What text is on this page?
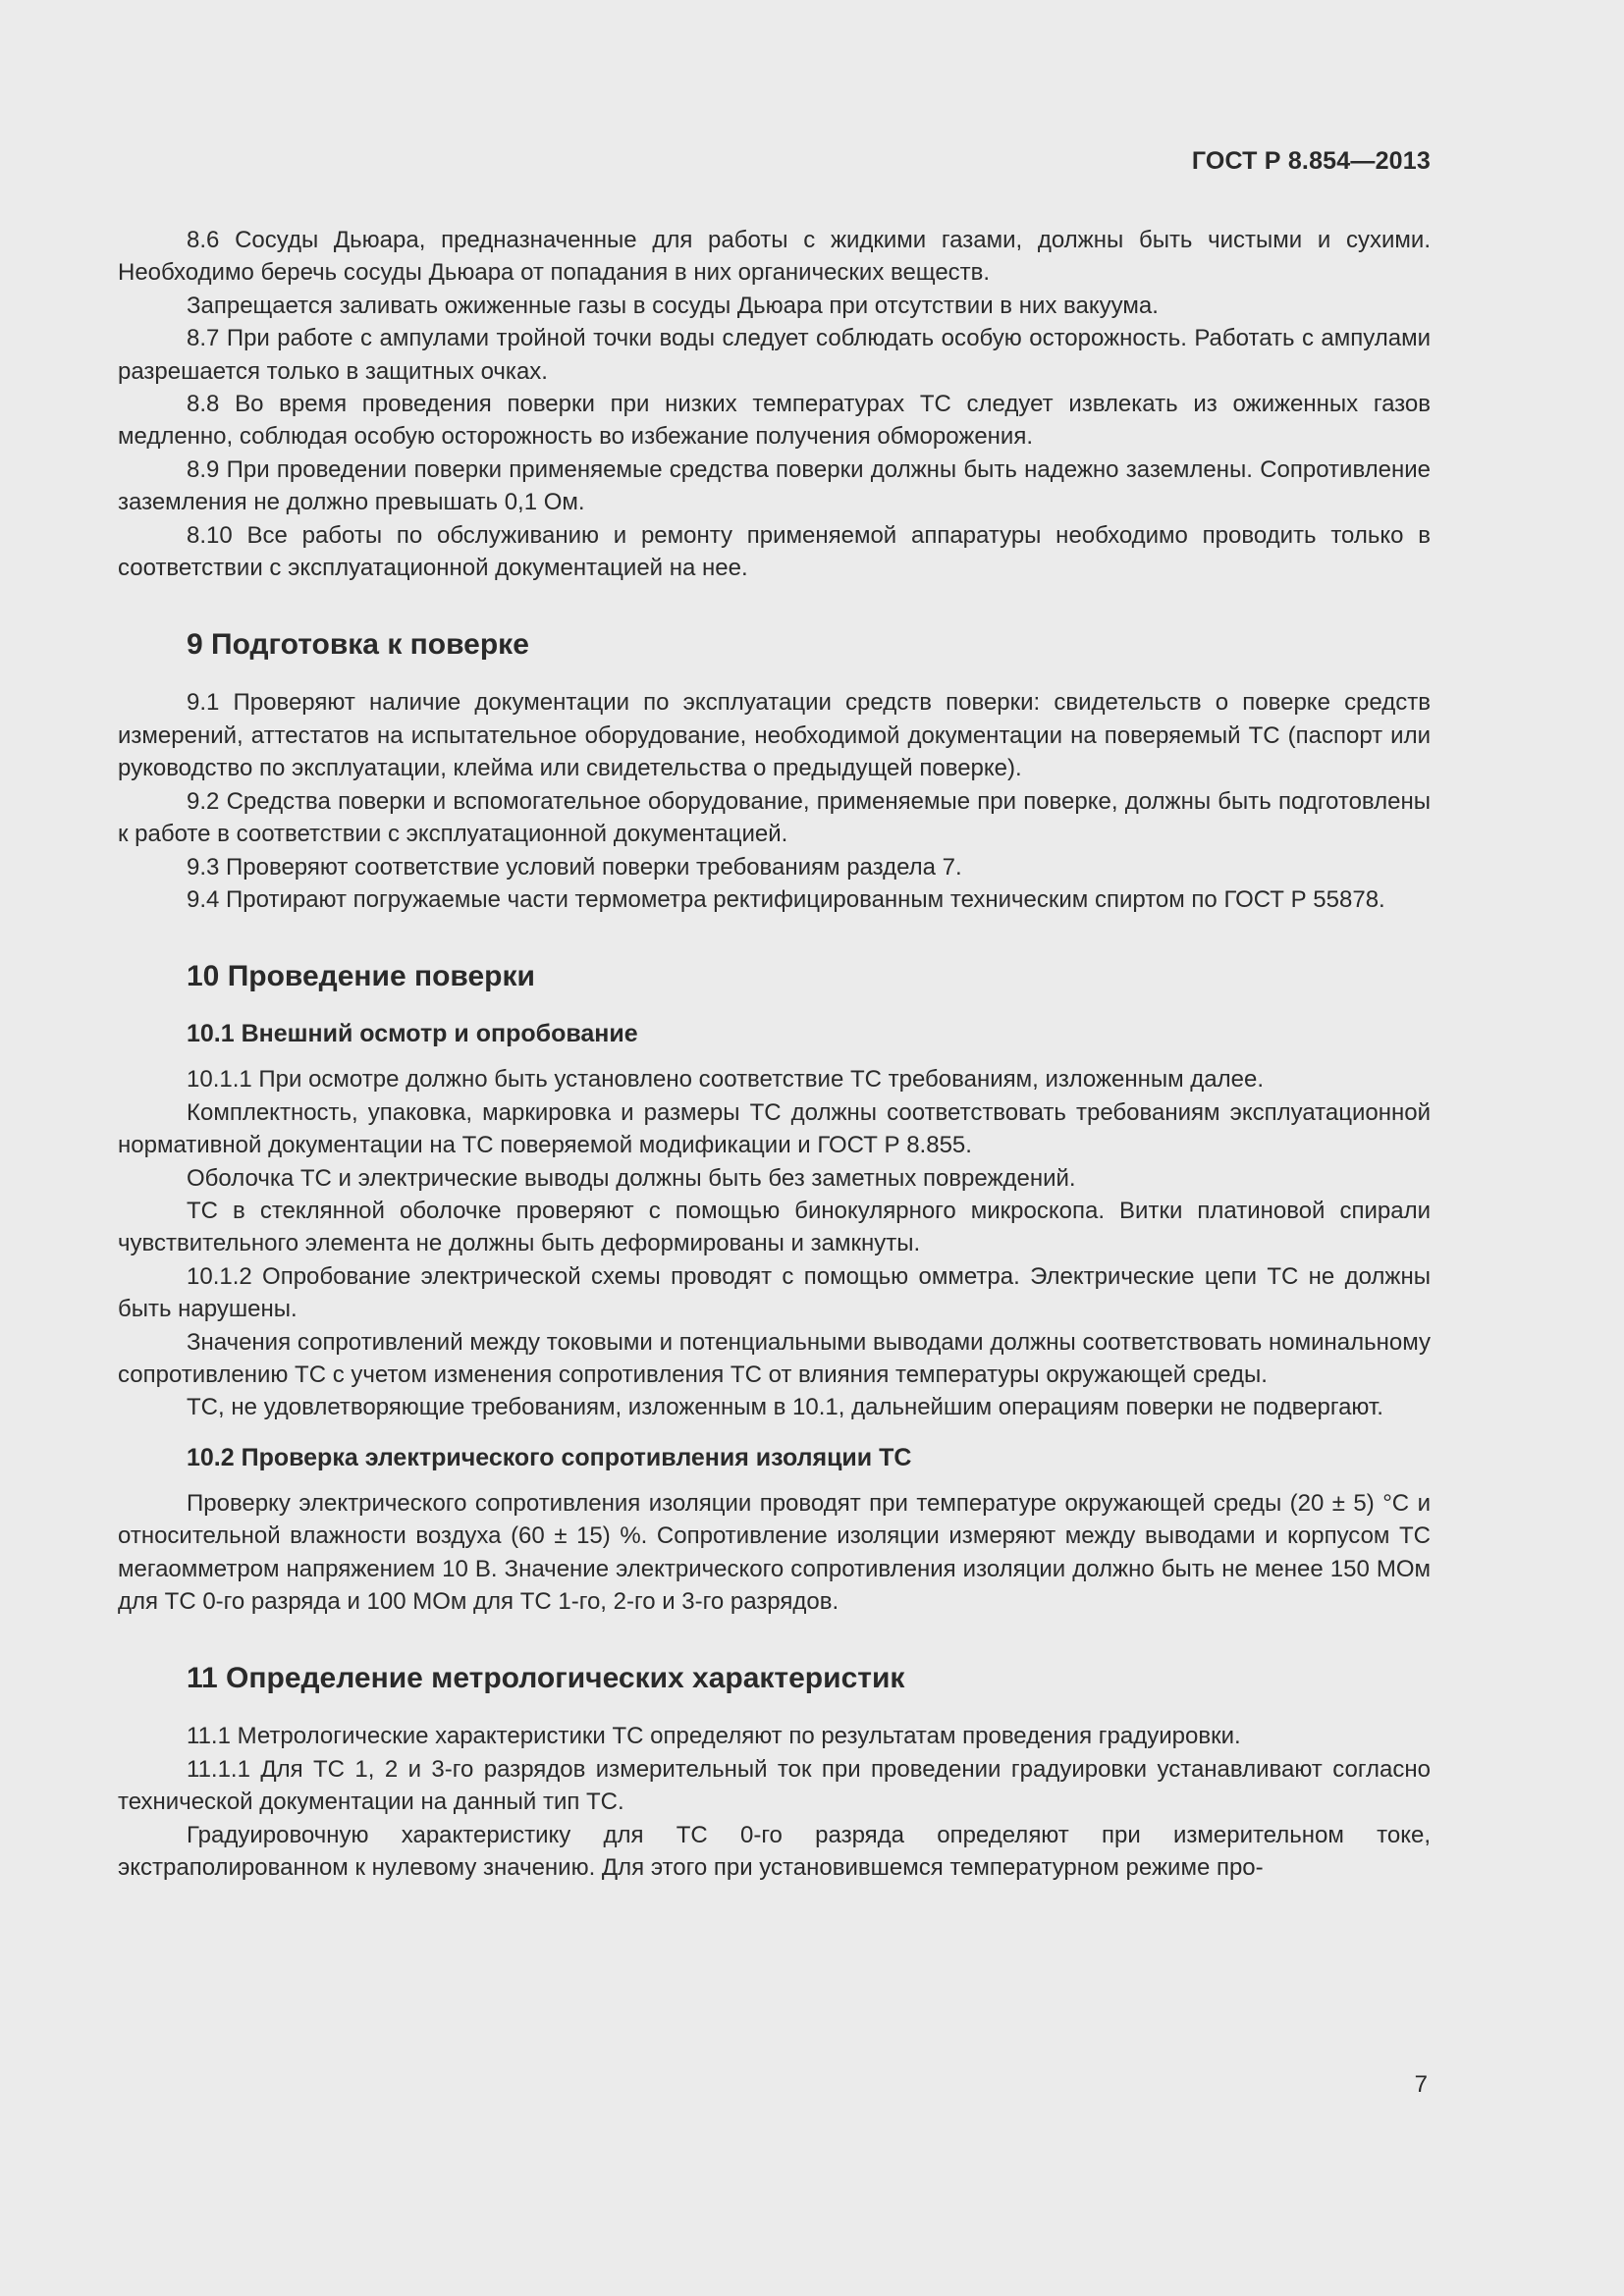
ГОСТ Р 8.854—2013

8.6 Сосуды Дьюара, предназначенные для работы с жидкими газами, должны быть чистыми и сухими. Необходимо беречь сосуды Дьюара от попадания в них органических веществ.

Запрещается заливать ожиженные газы в сосуды Дьюара при отсутствии в них вакуума.

8.7 При работе с ампулами тройной точки воды следует соблюдать особую осторожность. Работать с ампулами разрешается только в защитных очках.

8.8 Во время проведения поверки при низких температурах ТС следует извлекать из ожиженных газов медленно, соблюдая особую осторожность во избежание получения обморожения.

8.9 При проведении поверки применяемые средства поверки должны быть надежно заземлены. Сопротивление заземления не должно превышать 0,1 Ом.

8.10 Все работы по обслуживанию и ремонту применяемой аппаратуры необходимо проводить только в соответствии с эксплуатационной документацией на нее.

9 Подготовка к поверке

9.1 Проверяют наличие документации по эксплуатации средств поверки: свидетельств о поверке средств измерений, аттестатов на испытательное оборудование, необходимой документации на поверяемый ТС (паспорт или руководство по эксплуатации, клейма или свидетельства о предыдущей поверке).

9.2 Средства поверки и вспомогательное оборудование, применяемые при поверке, должны быть подготовлены к работе в соответствии с эксплуатационной документацией.

9.3 Проверяют соответствие условий поверки требованиям раздела 7.

9.4 Протирают погружаемые части термометра ректифицированным техническим спиртом по ГОСТ Р 55878.

10 Проведение поверки
10.1 Внешний осмотр и опробование

10.1.1 При осмотре должно быть установлено соответствие ТС требованиям, изложенным далее.

Комплектность, упаковка, маркировка и размеры ТС должны соответствовать требованиям эксплуатационной нормативной документации на ТС поверяемой модификации и ГОСТ Р 8.855.

Оболочка ТС и электрические выводы должны быть без заметных повреждений.

ТС в стеклянной оболочке проверяют с помощью бинокулярного микроскопа. Витки платиновой спирали чувствительного элемента не должны быть деформированы и замкнуты.

10.1.2 Опробование электрической схемы проводят с помощью омметра. Электрические цепи ТС не должны быть нарушены.

Значения сопротивлений между токовыми и потенциальными выводами должны соответствовать номинальному сопротивлению ТС с учетом изменения сопротивления ТС от влияния температуры окружающей среды.

ТС, не удовлетворяющие требованиям, изложенным в 10.1, дальнейшим операциям поверки не подвергают.

10.2 Проверка электрического сопротивления изоляции ТС

Проверку электрического сопротивления изоляции проводят при температуре окружающей среды (20 ± 5) °С и относительной влажности воздуха (60 ± 15) %. Сопротивление изоляции измеряют между выводами и корпусом ТС мегаомметром напряжением 10 В. Значение электрического сопротивления изоляции должно быть не менее 150 МОм для ТС 0-го разряда и 100 МОм для ТС 1-го, 2-го и 3-го разрядов.

11 Определение метрологических характеристик

11.1 Метрологические характеристики ТС определяют по результатам проведения градуировки.

11.1.1 Для ТС 1, 2 и 3-го разрядов измерительный ток при проведении градуировки устанавливают согласно технической документации на данный тип ТС.

Градуировочную характеристику для ТС 0-го разряда определяют при измерительном токе, экстраполированном к нулевому значению. Для этого при установившемся температурном режиме про-

7
